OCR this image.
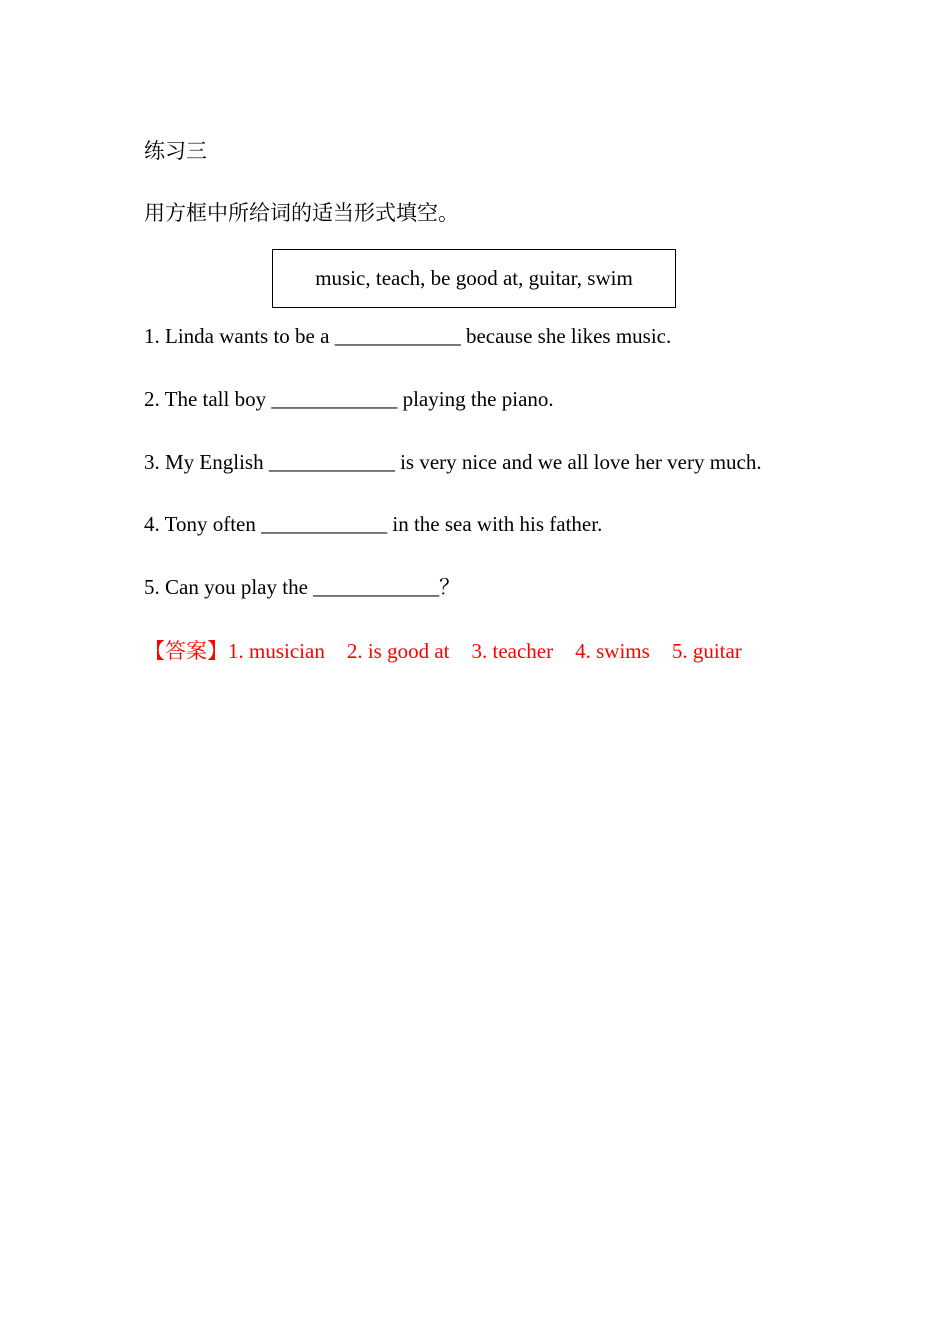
练习三
用方框中所给词的适当形式填空。
music, teach, be good at, guitar, swim
1. Linda wants to be a ____________ because she likes music.
2. The tall boy ____________ playing the piano.
3. My English ____________ is very nice and we all love her very much.
4. Tony often ____________ in the sea with his father.
5. Can you play the ____________？
【答案】1. musician 2. is good at 3. teacher 4. swims 5. guitar
